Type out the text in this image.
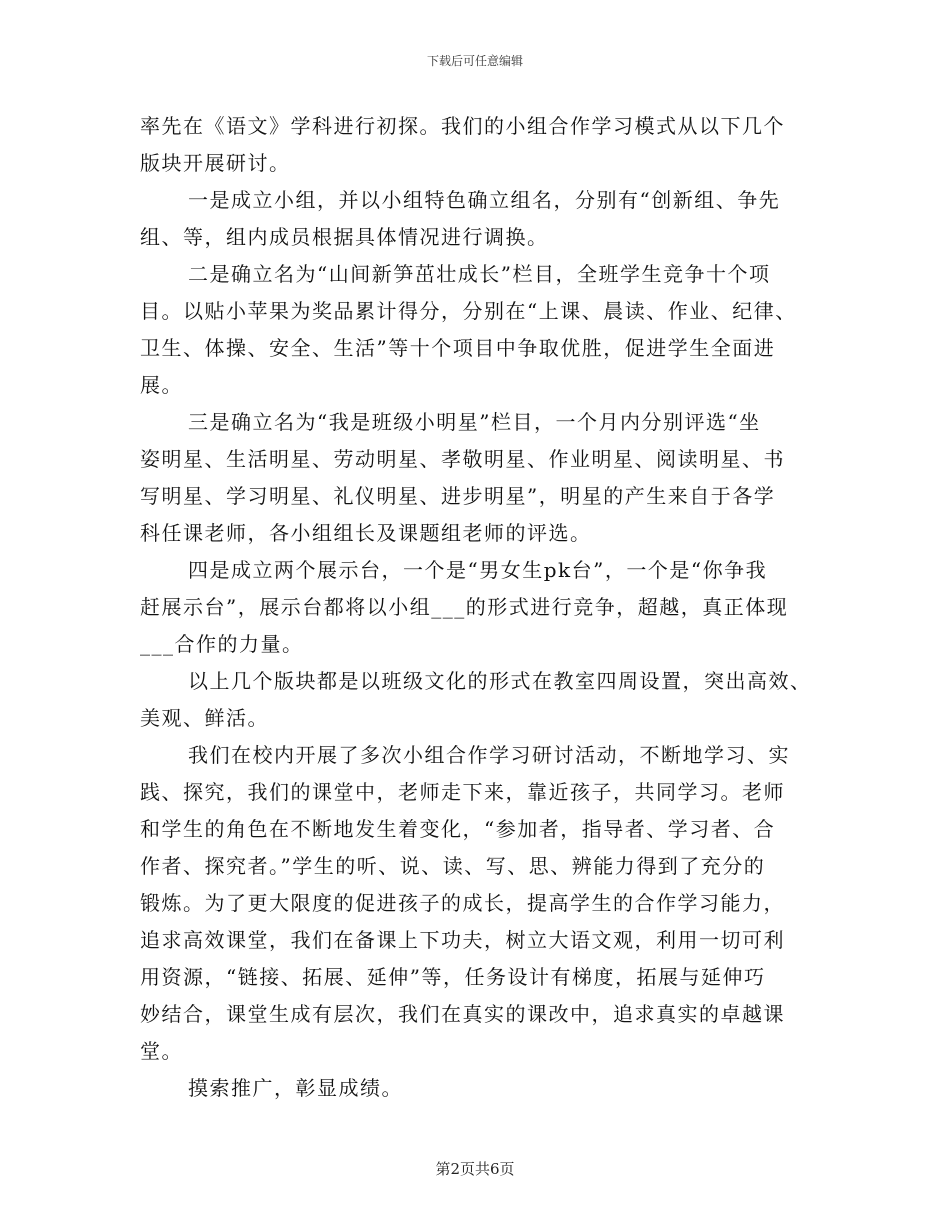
下载后可任意编辑
率先在《语文》学科进行初探。我们的小组合作学习模式从以下几个
版块开展研讨。
一是成立小组，并以小组特色确立组名，分别有“创新组、争先
组、等，组内成员根据具体情况进行调换。
二是确立名为“山间新笋茁壮成长”栏目，全班学生竞争十个项
目。以贴小苹果为奖品累计得分，分别在“上课、晨读、作业、纪律、
卫生、体操、安全、生活”等十个项目中争取优胜，促进学生全面进
展。
三是确立名为“我是班级小明星”栏目，一个月内分别评选“坐
姿明星、生活明星、劳动明星、孝敬明星、作业明星、阅读明星、书
写明星、学习明星、礼仪明星、进步明星”，明星的产生来自于各学
科任课老师，各小组组长及课题组老师的评选。
四是成立两个展示台，一个是“男女生pk台”，一个是“你争我
赶展示台”，展示台都将以小组___的形式进行竞争，超越，真正体现
___合作的力量。
以上几个版块都是以班级文化的形式在教室四周设置，突出高效、
美观、鲜活。
我们在校内开展了多次小组合作学习研讨活动，不断地学习、实
践、探究，我们的课堂中，老师走下来，靠近孩子，共同学习。老师
和学生的角色在不断地发生着变化，“参加者，指导者、学习者、合
作者、探究者。”学生的听、说、读、写、思、辨能力得到了充分的
锻炼。为了更大限度的促进孩子的成长，提高学生的合作学习能力，
追求高效课堂，我们在备课上下功夫，树立大语文观，利用一切可利
用资源，“链接、拓展、延伸”等，任务设计有梯度，拓展与延伸巧
妙结合，课堂生成有层次，我们在真实的课改中，追求真实的卓越课
堂。
摸索推广，彰显成绩。
第2页共6页
